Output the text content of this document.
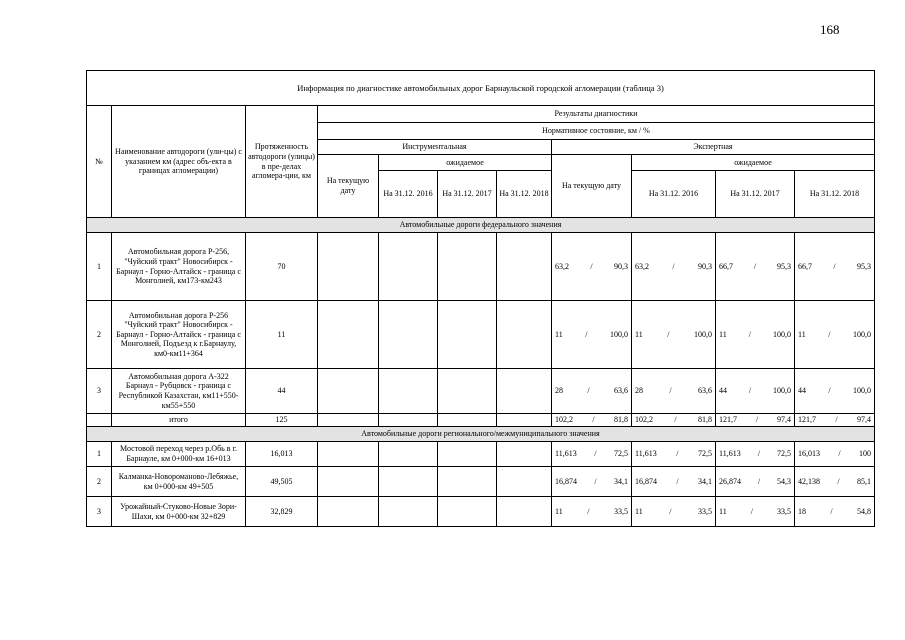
168
Информация по диагностике автомобильных дорог Барнаульской городской агломерации (таблица 3)										
№	Наименование автодороги (ули-цы) с указанием км (адрес объ-екта в границах агломерации)	Протяженность автодороги (улицы) в пре-делах агломера-ции, км	Результаты диагностики							
			Нормативное состояние, км / %							
			Инструментальная				Экспертная			
			На текущую дату	ожидаемое			На текущую дату	ожидаемое		
				На 31.12. 2016	На 31.12. 2017	На 31.12. 2018		На 31.12. 2016	На 31.12. 2017	На 31.12. 2018

Автомобильные дороги федерального значения										
1	Автомобильная дорога Р-256, "Чуйский тракт" Новосибирск - Барнаул - Горно-Алтайск - граница с Монголией, км173-км243	70					63,2 / 90,3	63,2 / 90,3	66,7 / 95,3	66,7 / 95,3

2	Автомобильная дорога Р-256 "Чуйский тракт" Новосибирск - Барнаул - Горно-Алтайск - граница с Монголией, Подъезд к г.Барнаулу, км0-км11+364	11					11 / 100,0	11 / 100,0	11 / 100,0	11 / 100,0

3	Автомобильная дорога А-322 Барнаул - Рубцовск - граница с Республикой Казахстан, км11+550-км55+550	44					28 / 63,6	28 / 63,6	44 / 100,0	44 / 100,0

	итого	125					102,2 / 81,8	102,2 / 81,8	121,7 / 97,4	121,7 / 97,4

Автомобильные дороги регионального/межмуниципального значения										
1	Мостовой переход через р.Обь в г. Барнауле, км 0+000-км 16+013	16,013					11,613 / 72,5	11,613 / 72,5	11,613 / 72,5	16,013 / 100

2	Калманка-Новороманово-Лебяжье, км 0+000-км 49+505	49,505					16,874 / 34,1	16,874 / 34,1	26,874 / 54,3	42,138 / 85,1

3	Урожайный-Стуково-Новые Зори-Шахи, км 0+000-км 32+829	32,829					11 / 33,5	11 / 33,5	11 / 33,5	18 / 54,8
